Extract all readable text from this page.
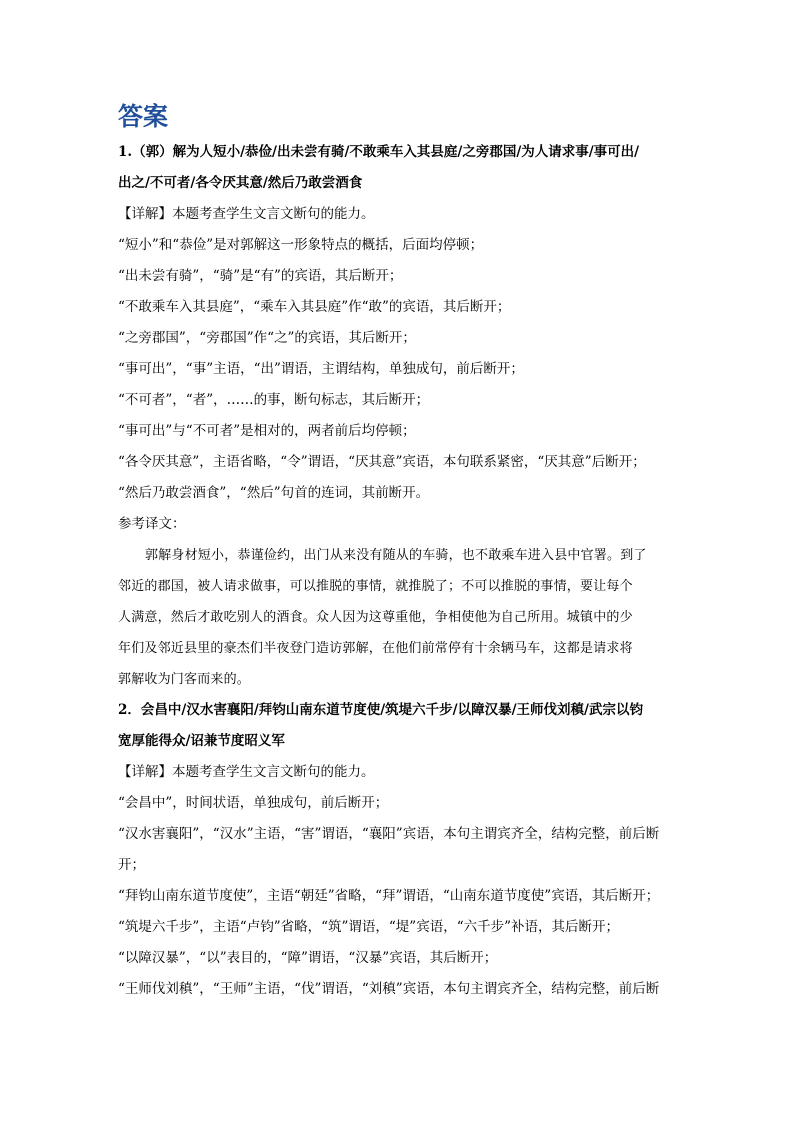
答案

1.（郭）解为人短小/恭俭/出未尝有骑/不敢乘车入其县庭/之旁郡国/为人请求事/事可出/

出之/不可者/各令厌其意/然后乃敢尝酒食

【详解】本题考查学生文言文断句的能力。

“短小”和“恭俭”是对郭解这一形象特点的概括，后面均停顿；

“出未尝有骑”，“骑”是“有”的宾语，其后断开；

“不敢乘车入其县庭”，“乘车入其县庭”作“敢”的宾语，其后断开；

“之旁郡国”，“旁郡国”作“之”的宾语，其后断开；

“事可出”，“事”主语，“出”谓语，主谓结构，单独成句，前后断开；

“不可者”，“者”，……的事，断句标志，其后断开；

“事可出”与“不可者”是相对的，两者前后均停顿；

“各令厌其意”，主语省略，“令”谓语，“厌其意”宾语，本句联系紧密，“厌其意”后断开；

“然后乃敢尝酒食”，“然后”句首的连词，其前断开。

参考译文：

郭解身材短小，恭谨俭约，出门从来没有随从的车骑，也不敢乘车进入县中官署。到了

邻近的郡国，被人请求做事，可以推脱的事情，就推脱了；不可以推脱的事情，要让每个

人满意，然后才敢吃别人的酒食。众人因为这尊重他，争相使他为自己所用。城镇中的少

年们及邻近县里的豪杰们半夜登门造访郭解，在他们前常停有十余辆马车，这都是请求将

郭解收为门客而来的。

2．会昌中/汉水害襄阳/拜钧山南东道节度使/筑堤六千步/以障汉暴/王师伐刘稹/武宗以钧

宽厚能得众/诏兼节度昭义军

【详解】本题考查学生文言文断句的能力。

“会昌中”，时间状语，单独成句，前后断开；

“汉水害襄阳”，“汉水”主语，“害”谓语，“襄阳”宾语，本句主谓宾齐全，结构完整，前后断

开；

“拜钧山南东道节度使”，主语“朝廷”省略，“拜”谓语，“山南东道节度使”宾语，其后断开；

“筑堤六千步”，主语“卢钧”省略，“筑”谓语，“堤”宾语，“六千步”补语，其后断开；

“以障汉暴”，“以”表目的，“障”谓语，“汉暴”宾语，其后断开；

“王师伐刘稹”，“王师”主语，“伐”谓语，“刘稹”宾语，本句主谓宾齐全，结构完整，前后断
